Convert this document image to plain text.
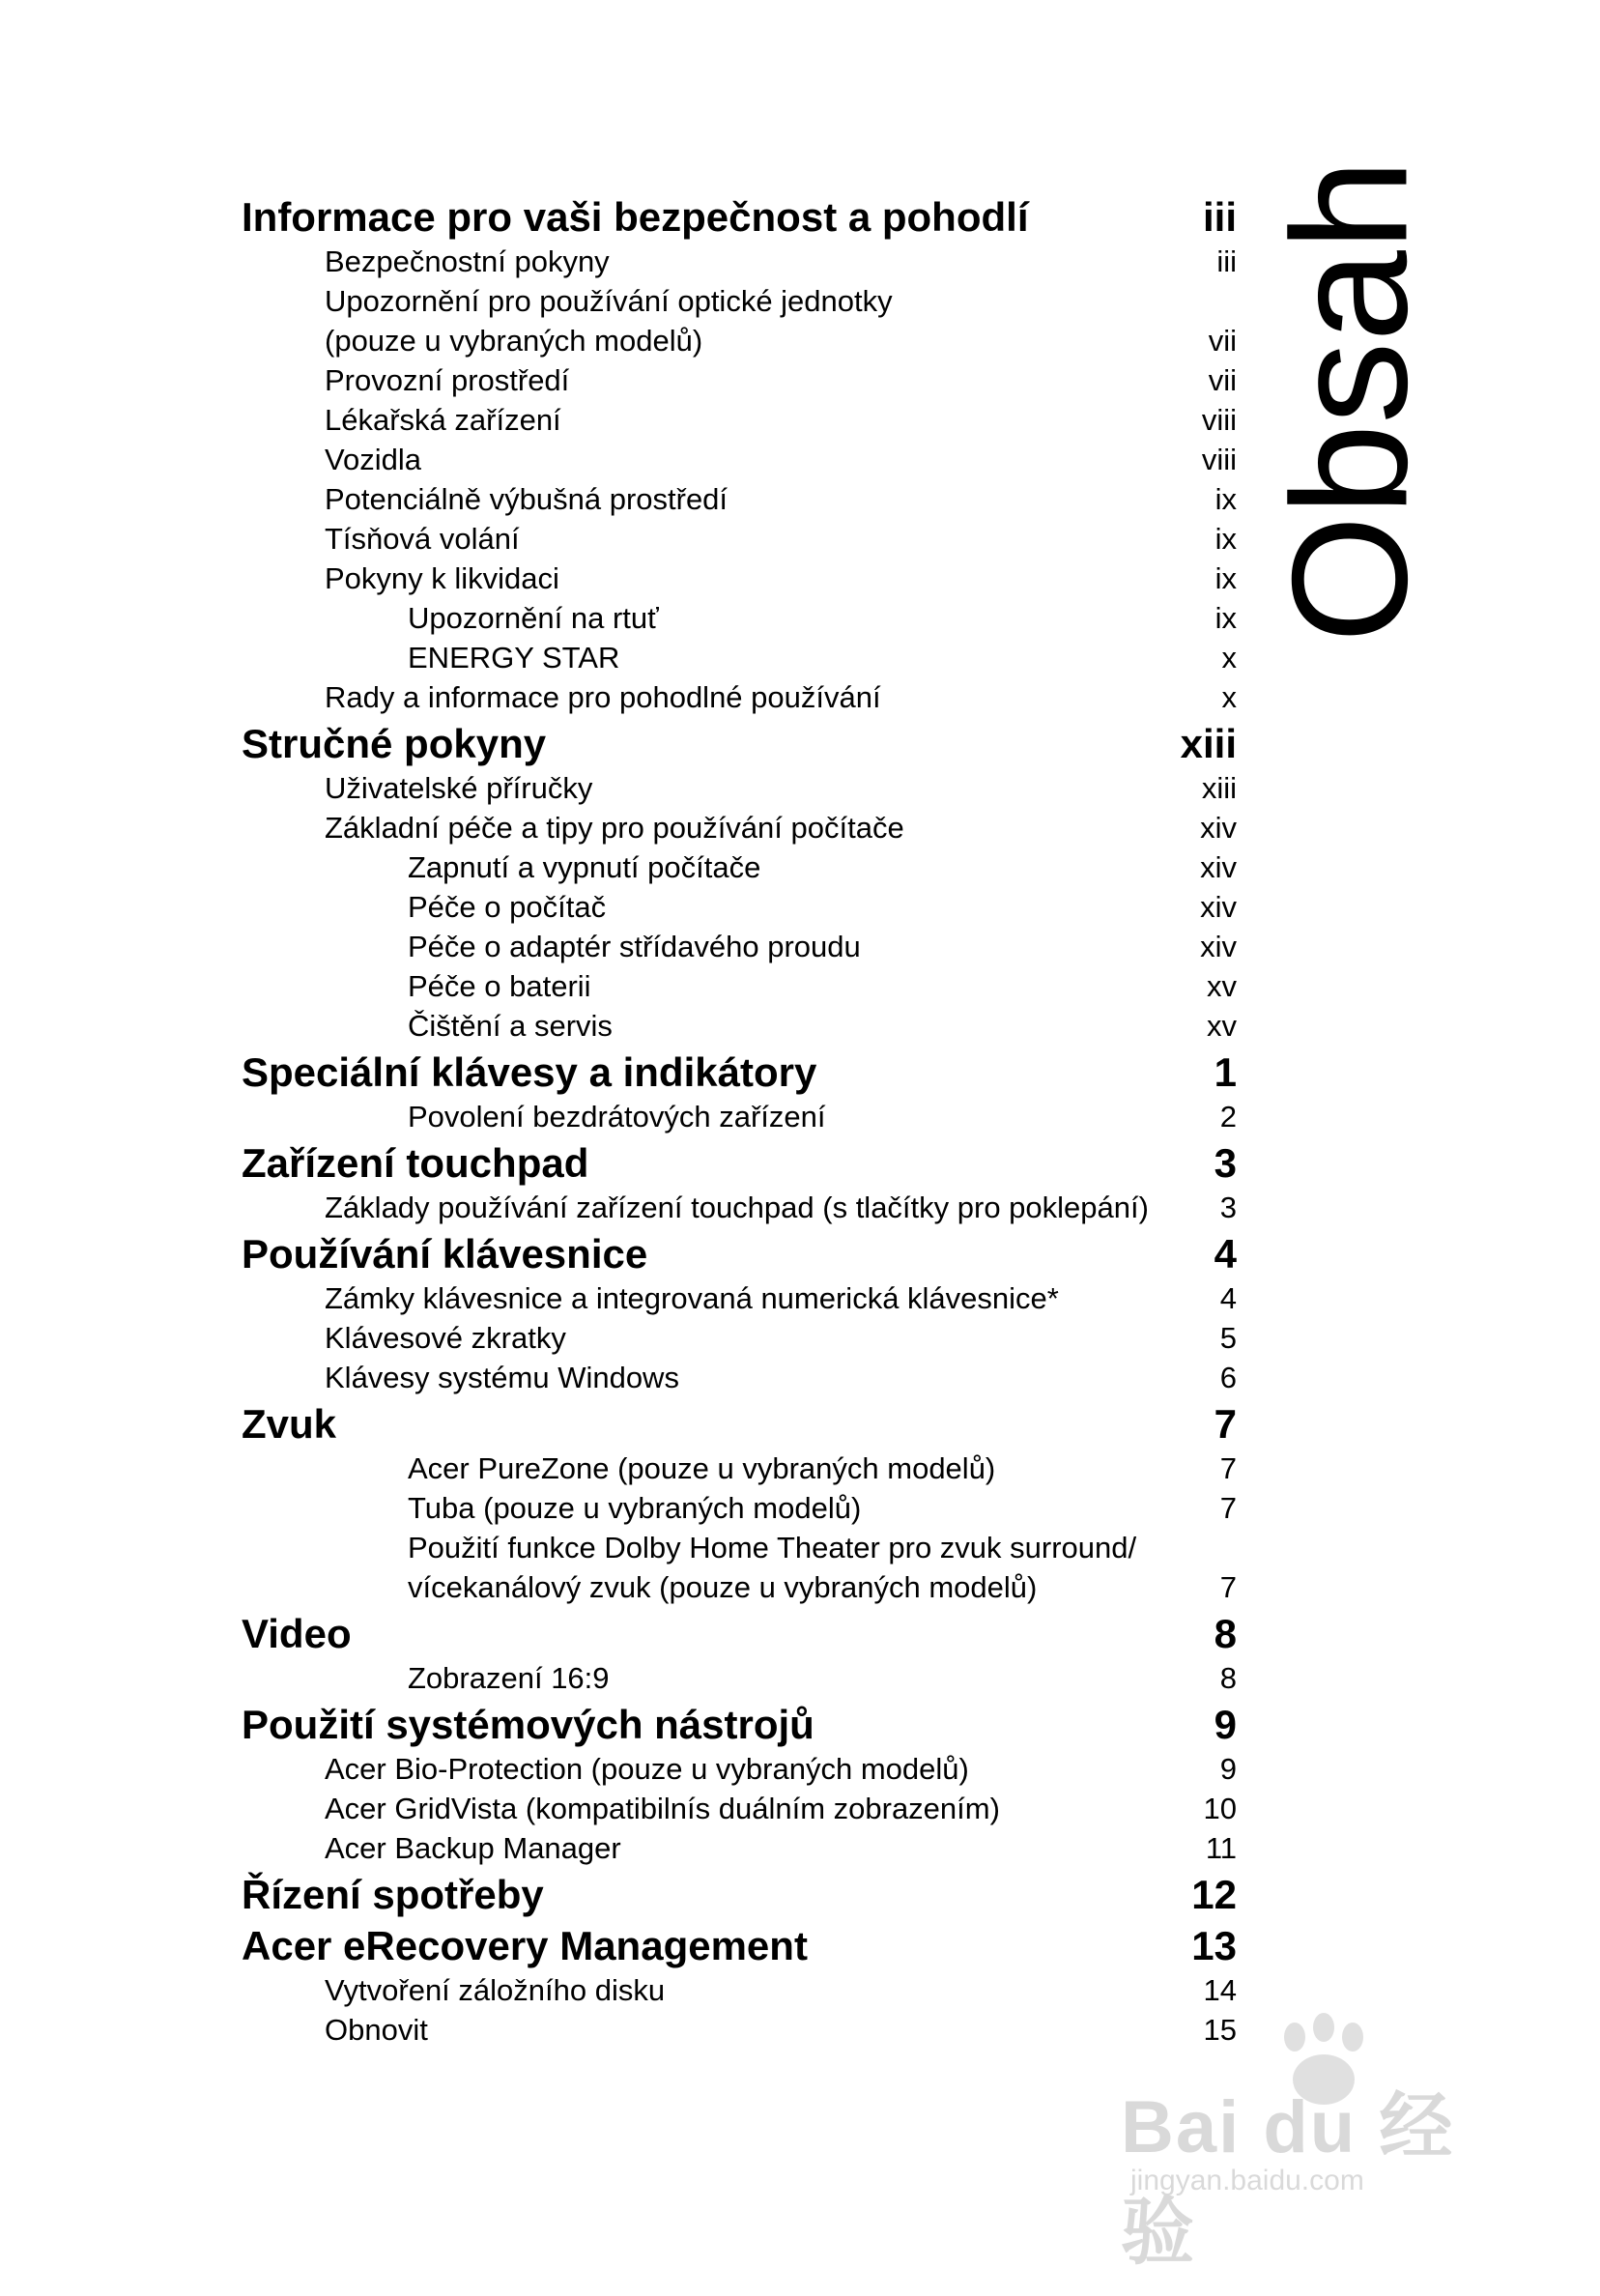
Informace pro vaši bezpečnost a pohodlí	iii
Bezpečnostní pokyny	iii
Upozornění pro používání optické jednotky
(pouze u vybraných modelů)	vii
Provozní prostředí	vii
Lékařská zařízení	viii
Vozidla	viii
Potenciálně výbušná prostředí	ix
Tísňová volání	ix
Pokyny k likvidaci	ix
Upozornění na rtuť	ix
ENERGY STAR	x
Rady a informace pro pohodlné používání	x
Stručné pokyny	xiii
Uživatelské příručky	xiii
Základní péče a tipy pro používání počítače	xiv
Zapnutí a vypnutí počítače	xiv
Péče o počítač	xiv
Péče o adaptér střídavého proudu	xiv
Péče o baterii	xv
Čištění a servis	xv
Speciální klávesy a indikátory	1
Povolení bezdrátových zařízení	2
Zařízení touchpad	3
Základy používání zařízení touchpad (s tlačítky pro poklepání) 3
Používání klávesnice	4
Zámky klávesnice a integrovaná numerická klávesnice*	4
Klávesové zkratky	5
Klávesy systému Windows	6
Zvuk	7
Acer PureZone (pouze u vybraných modelů)	7
Tuba (pouze u vybraných modelů)	7
Použití funkce Dolby Home Theater pro zvuk surround/
vícekanálový zvuk (pouze u vybraných modelů)	7
Video	8
Zobrazení 16:9	8
Použití systémových nástrojů	9
Acer Bio-Protection (pouze u vybraných modelů)	9
Acer GridVista (kompatibilnís duálním zobrazením)	10
Acer Backup Manager	11
Řízení spotřeby	12
Acer eRecovery Management	13
Vytvoření záložního disku	14
Obnovit	15
Obsah
Bai du 经验
jingyan.baidu.com
